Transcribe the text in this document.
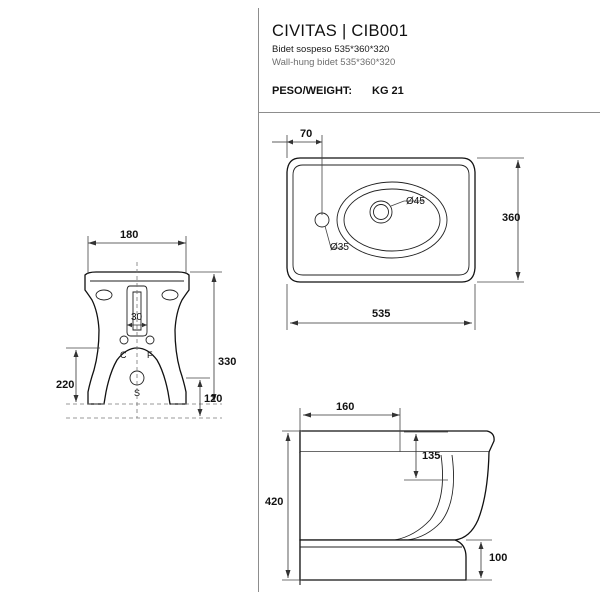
CIVITAS | CIB001
Bidet sospeso 535*360*320
Wall-hung bidet 535*360*320
PESO/WEIGHT: KG 21
70
535
360
Ø45
Ø35
160
135
420
100
180
30
330
220
120
C F
S
